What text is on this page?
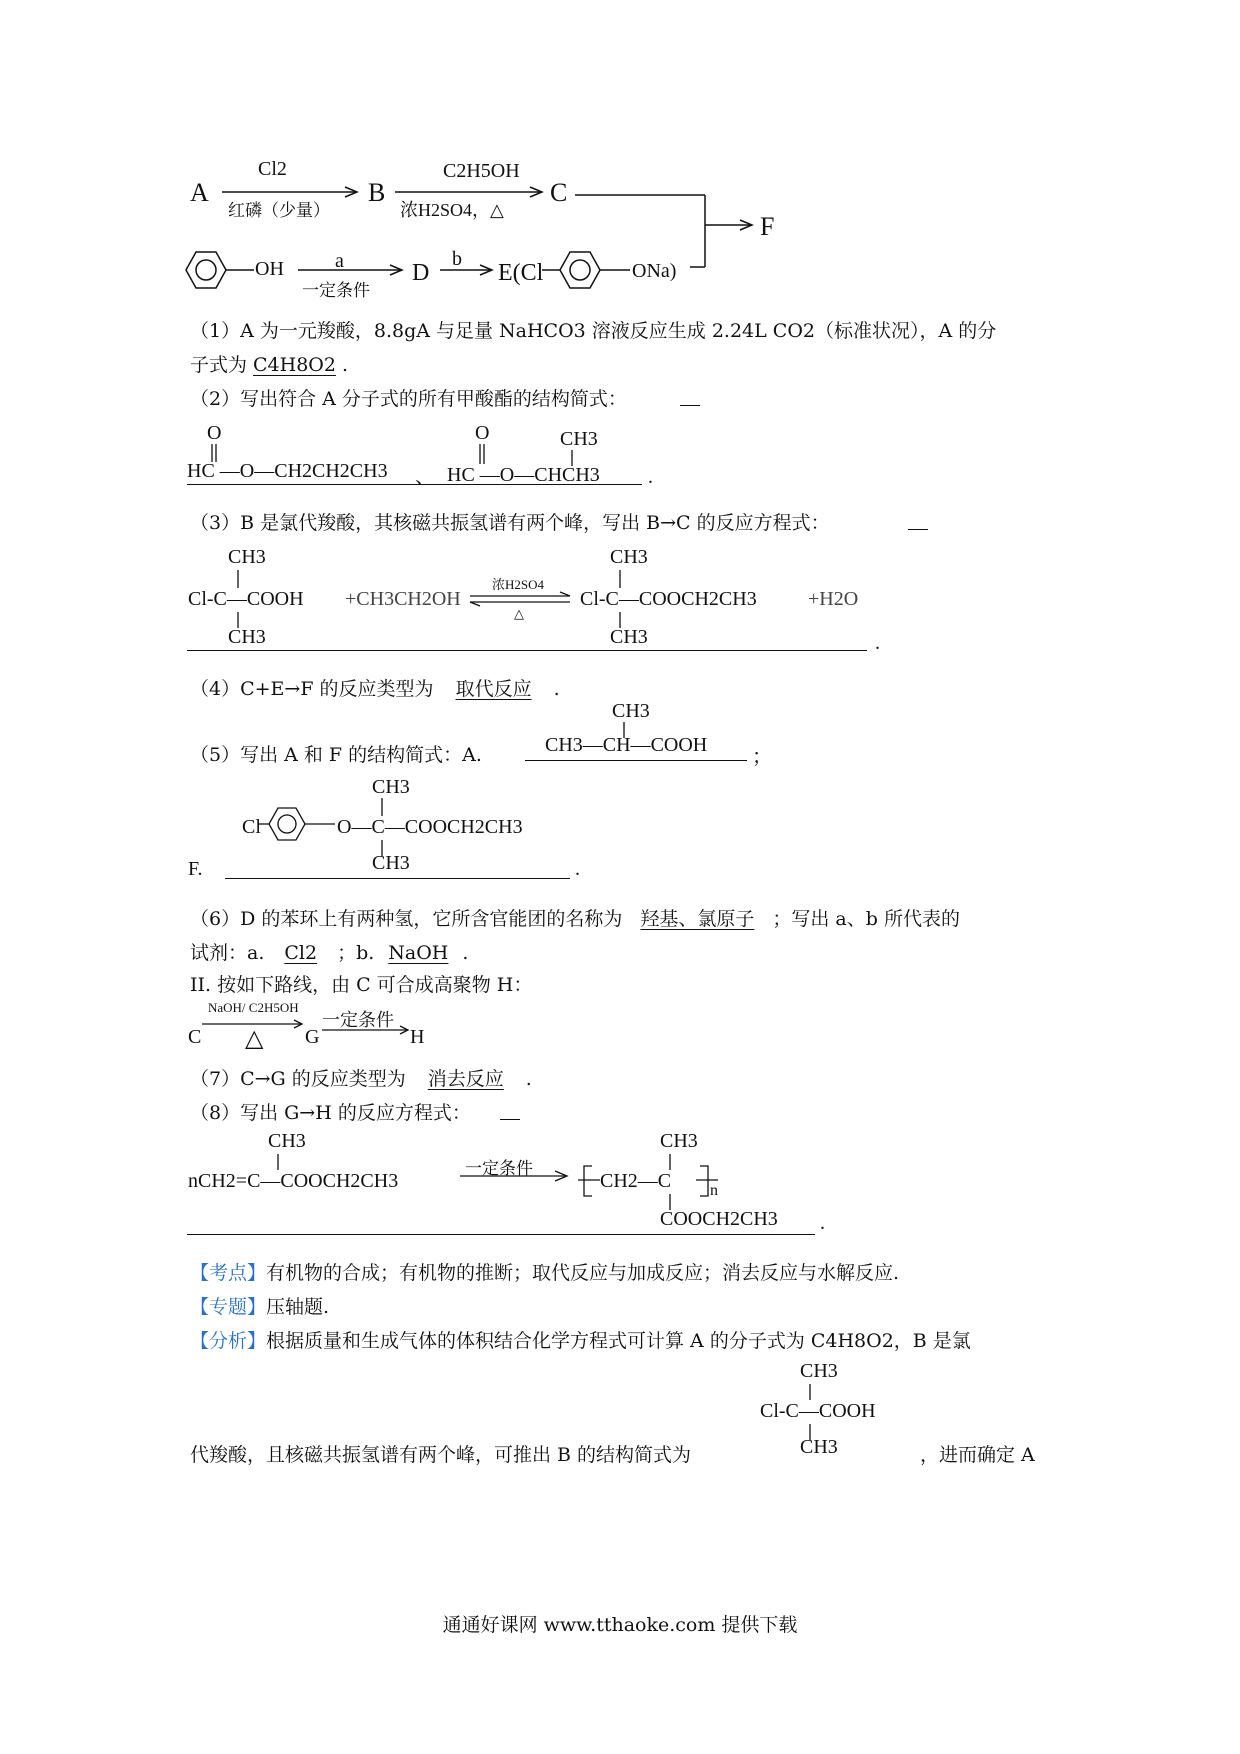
A
Cl2
红磷（少量）
B
C2H5OH
浓H2SO4，△
C
F
OH	a
一定条件
D
b
E(Cl	ONa)
（1）A 为一元羧酸，8.8gA 与足量 NaHCO3 溶液反应生成 2.24L CO2（标准状况），A 的分
子式为 C4H8O2 .
（2）写出符合 A 分子式的所有甲酸酯的结构简式：
O
HC —O—CH2CH2CH3 、
O	CH3
HC —O—CHCH3 .
（3）B 是氯代羧酸，其核磁共振氢谱有两个峰，写出 B→C 的反应方程式：
CH3
Cl-C—COOH +CH3CH2OH
浓H2SO4
△
CH3
Cl-C—COOCH2CH3	+H2O
CH3	CH3	.
（4）C+E→F 的反应类型为 取代反应 .
（5）写出 A 和 F 的结构简式：A.
CH3
CH3—CH—COOH
；
CH3
Cl	O—C—COOCH2CH3
CH3
F.	.
（6）D 的苯环上有两种氢，它所含官能团的名称为 羟基、氯原子 ；写出 a、b 所代表的
试剂：a. Cl2 ；b. NaOH .
II. 按如下路线，由 C 可合成高聚物 H：
C
NaOH/ C2H5OH
△ G
一定条件
H
（7）C→G 的反应类型为 消去反应 .
（8）写出 G→H 的反应方程式：
CH3
nCH2=C—COOCH2CH3
一定条件
CH3
CH2—C n
COOCH2CH3 .
【考点】有机物的合成；有机物的推断；取代反应与加成反应；消去反应与水解反应.
【专题】压轴题.
【分析】根据质量和生成气体的体积结合化学方程式可计算 A 的分子式为 C4H8O2，B 是氯
CH3
Cl-C—COOH
CH3
代羧酸，且核磁共振氢谱有两个峰，可推出 B 的结构简式为	，进而确定 A
通通好课网 www.tthaoke.com 提供下载
